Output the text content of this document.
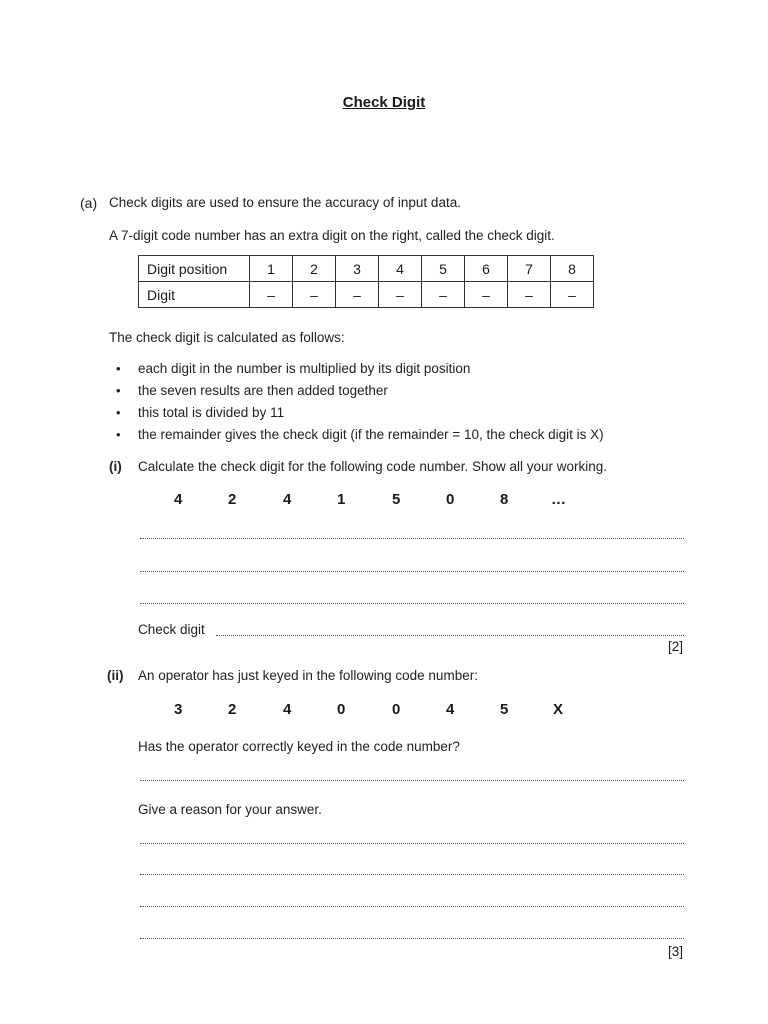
Check Digit
(a) Check digits are used to ensure the accuracy of input data.
A 7-digit code number has an extra digit on the right, called the check digit.
Digit position	1	2	3	4	5	6	7	8
Digit	–	–	–	–	–	–	–	–
The check digit is calculated as follows:
• each digit in the number is multiplied by its digit position
• the seven results are then added together
• this total is divided by 11
• the remainder gives the check digit (if the remainder = 10, the check digit is X)
(i) Calculate the check digit for the following code number. Show all your working.
4	2	4	1	5	0	8	…
Check digit
[2]
(ii) An operator has just keyed in the following code number:
3	2	4	0	0	4	5	X
Has the operator correctly keyed in the code number?
Give a reason for your answer.
[3]
